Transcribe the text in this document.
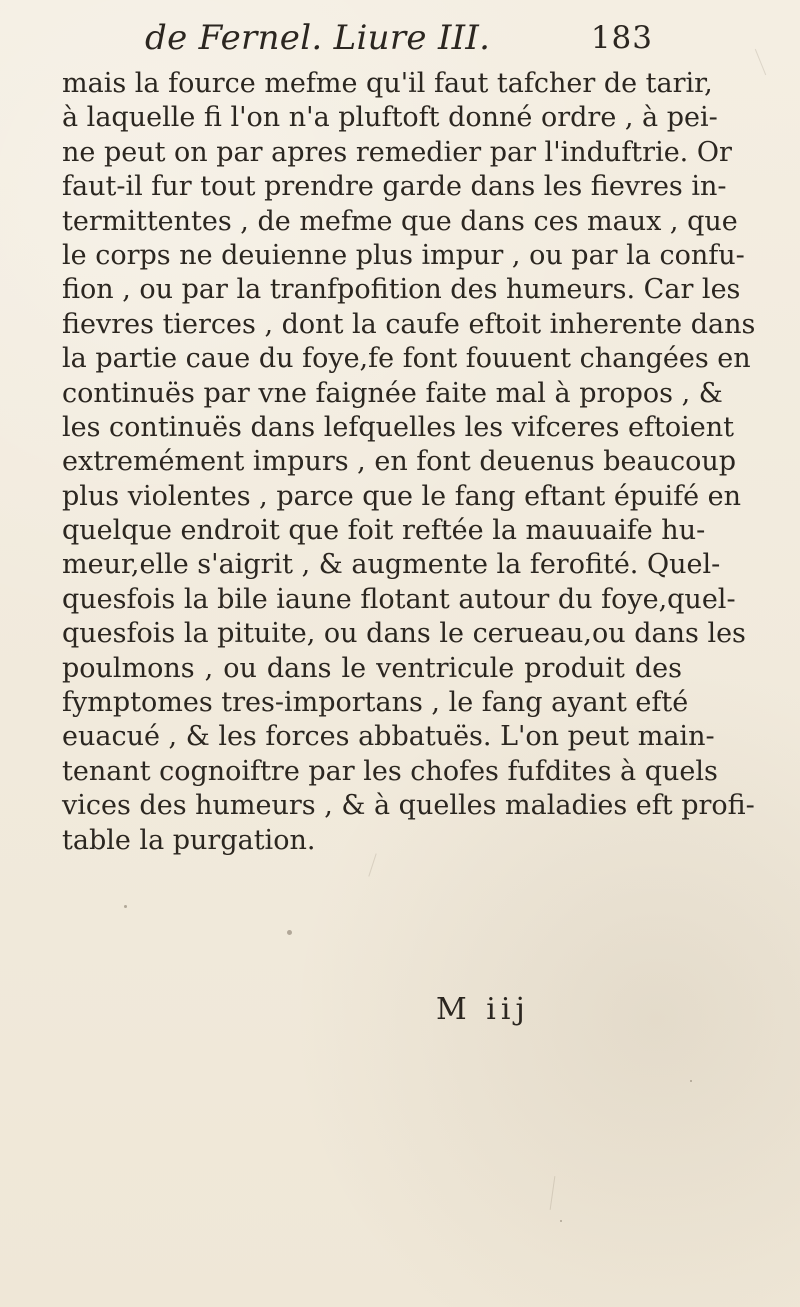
de Fernel. Liure III.	183
mais la fource mefme qu'il faut tafcher de tarir,
à laquelle fi l'on n'a pluftoft donné ordre , à pei-
ne peut on par apres remedier par l'induftrie. Or
faut-il fur tout prendre garde dans les fievres in-
termittentes , de mefme que dans ces maux , que
le corps ne deuienne plus impur , ou par la confu-
fion , ou par la tranfpofition des humeurs. Car les
fievres tierces , dont la caufe eftoit inherente dans
la partie caue du foye,fe font fouuent changées en
continuës par vne faignée faite mal à propos , &
les continuës dans lefquelles les vifceres eftoient
extremément impurs , en font deuenus beaucoup
plus violentes , parce que le fang eftant épuifé en
quelque endroit que foit reftée la mauuaife hu-
meur,elle s'aigrit , & augmente la ferofité. Quel-
quesfois la bile iaune flotant autour du foye,quel-
quesfois la pituite, ou dans le cerueau,ou dans les
poulmons , ou dans le ventricule produit des
fymptomes tres-importans , le fang ayant efté
euacué , & les forces abbatuës. L'on peut main-
tenant cognoiftre par les chofes fufdites à quels
vices des humeurs , & à quelles maladies eft profi-
table la purgation.
M iij
